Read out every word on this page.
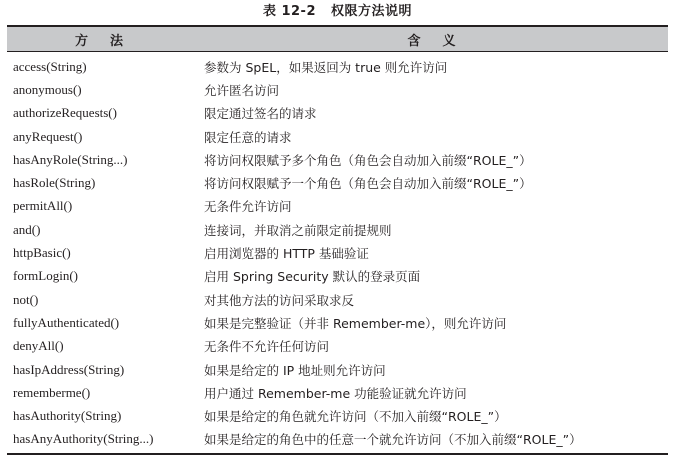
表 12-2 权限方法说明
方法	含义
access(String)	参数为 SpEL，如果返回为 true 则允许访问
anonymous()	允许匿名访问
authorizeRequests()	限定通过签名的请求
anyRequest()	限定任意的请求
hasAnyRole(String...)	将访问权限赋予多个角色（角色会自动加入前缀“ROLE_”）
hasRole(String)	将访问权限赋予一个角色（角色会自动加入前缀“ROLE_”）
permitAll()	无条件允许访问
and()	连接词，并取消之前限定前提规则
httpBasic()	启用浏览器的 HTTP 基础验证
formLogin()	启用 Spring Security 默认的登录页面
not()	对其他方法的访问采取求反
fullyAuthenticated()	如果是完整验证（并非 Remember-me），则允许访问
denyAll()	无条件不允许任何访问
hasIpAddress(String)	如果是给定的 IP 地址则允许访问
rememberme()	用户通过 Remember-me 功能验证就允许访问
hasAuthority(String)	如果是给定的角色就允许访问（不加入前缀“ROLE_”）
hasAnyAuthority(String...)	如果是给定的角色中的任意一个就允许访问（不加入前缀“ROLE_”）
